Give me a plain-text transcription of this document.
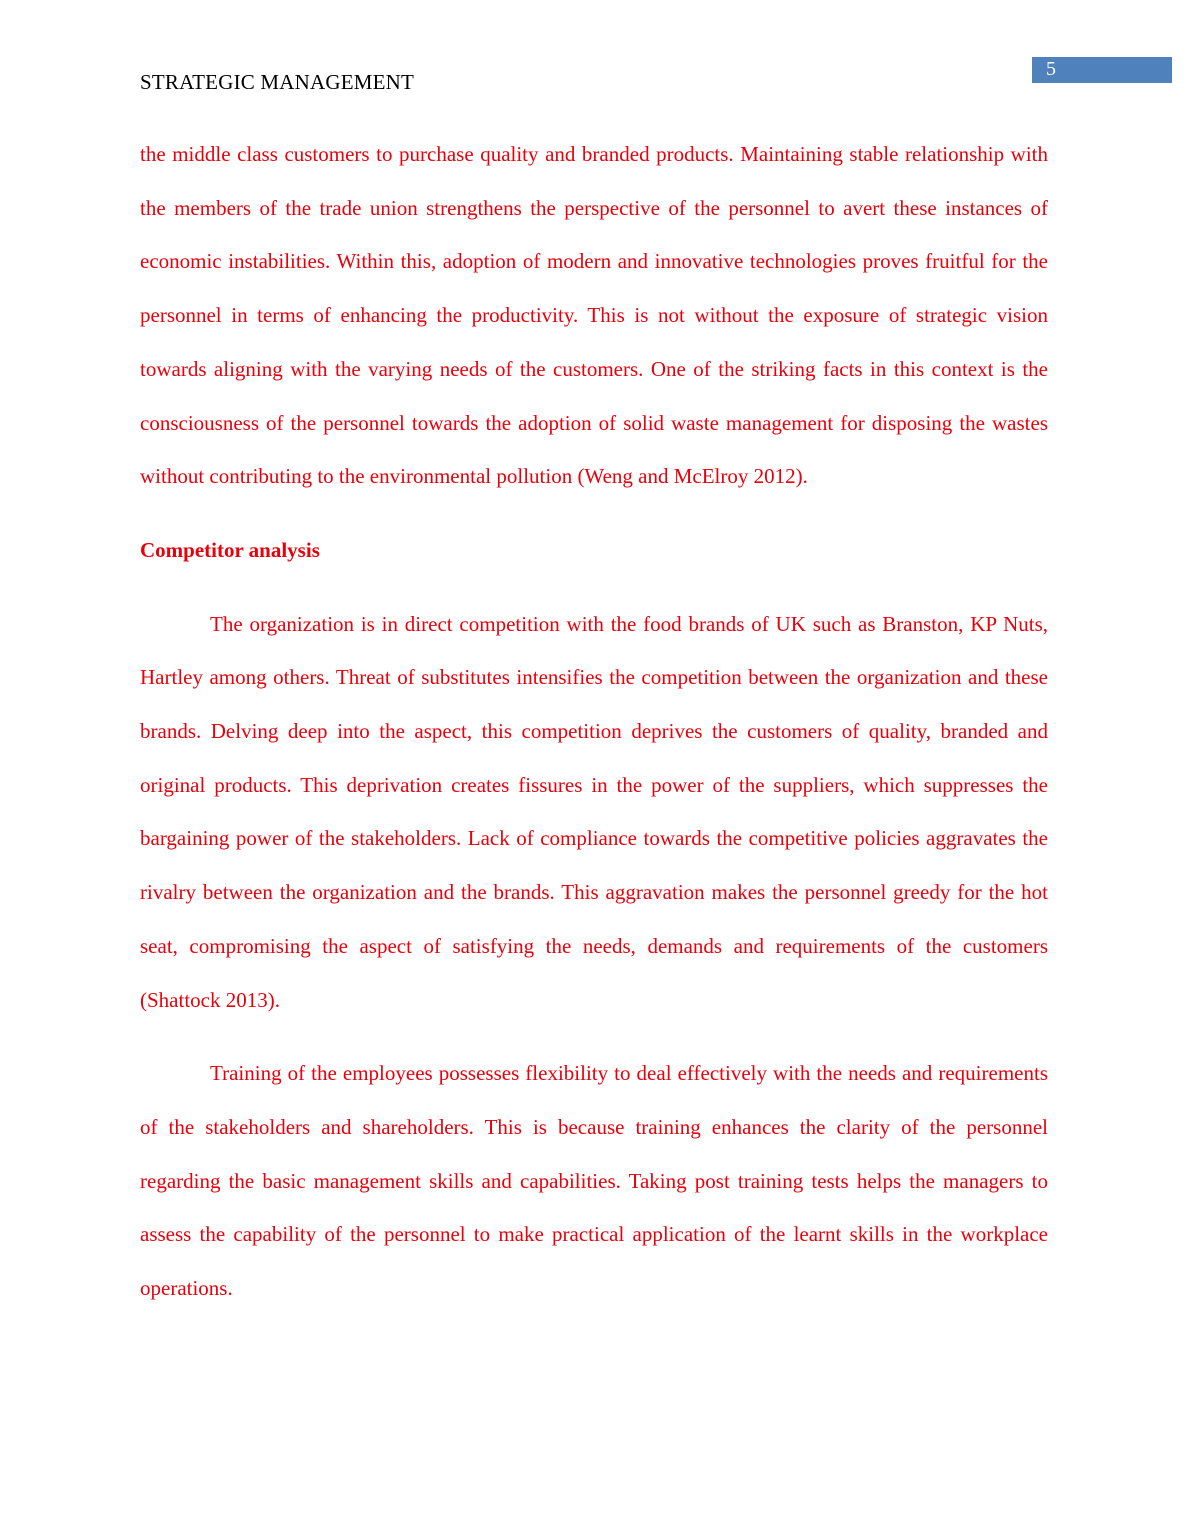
STRATEGIC MANAGEMENT
5

the middle class customers to purchase quality and branded products. Maintaining stable relationship with the members of the trade union strengthens the perspective of the personnel to avert these instances of economic instabilities. Within this, adoption of modern and innovative technologies proves fruitful for the personnel in terms of enhancing the productivity. This is not without the exposure of strategic vision towards aligning with the varying needs of the customers. One of the striking facts in this context is the consciousness of the personnel towards the adoption of solid waste management for disposing the wastes without contributing to the environmental pollution (Weng and McElroy 2012).

Competitor analysis

The organization is in direct competition with the food brands of UK such as Branston, KP Nuts, Hartley among others. Threat of substitutes intensifies the competition between the organization and these brands. Delving deep into the aspect, this competition deprives the customers of quality, branded and original products. This deprivation creates fissures in the power of the suppliers, which suppresses the bargaining power of the stakeholders. Lack of compliance towards the competitive policies aggravates the rivalry between the organization and the brands. This aggravation makes the personnel greedy for the hot seat, compromising the aspect of satisfying the needs, demands and requirements of the customers (Shattock 2013).

Training of the employees possesses flexibility to deal effectively with the needs and requirements of the stakeholders and shareholders. This is because training enhances the clarity of the personnel regarding the basic management skills and capabilities. Taking post training tests helps the managers to assess the capability of the personnel to make practical application of the learnt skills in the workplace operations.
